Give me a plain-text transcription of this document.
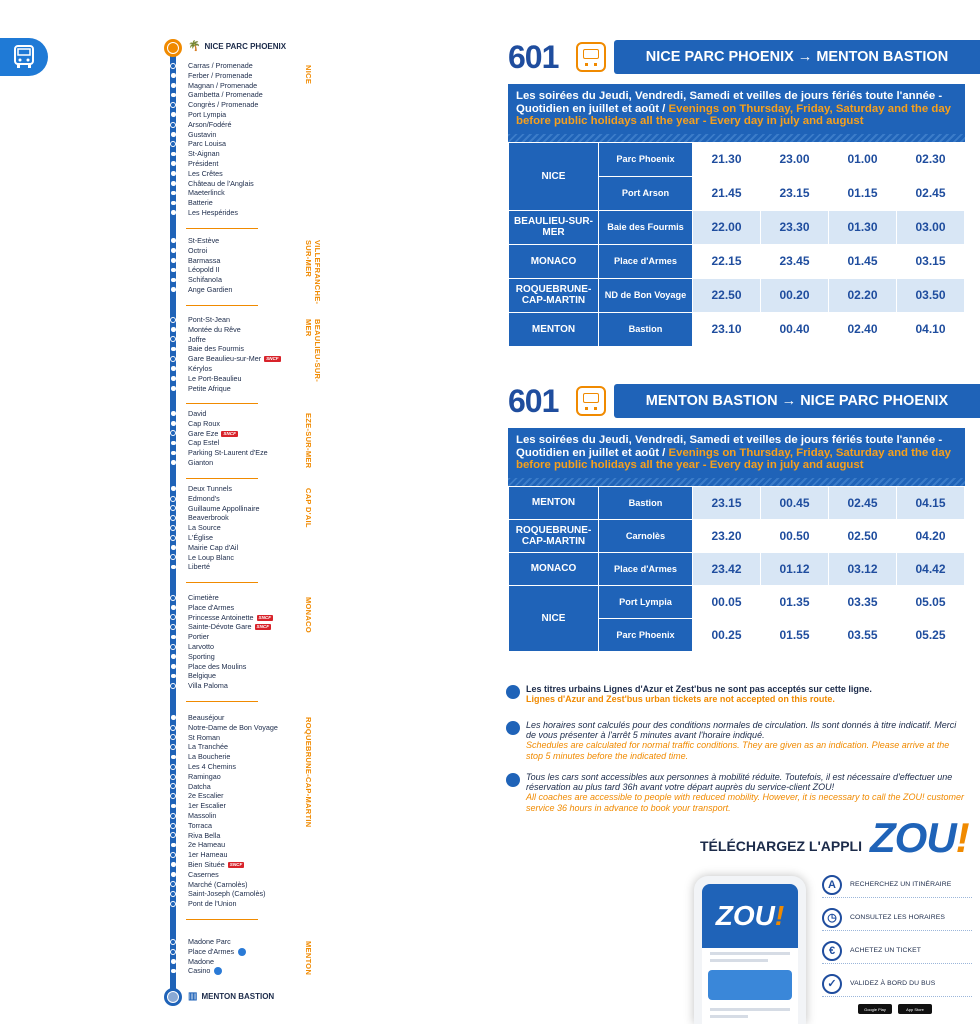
🌴 NICE PARC PHOENIX
Carras / Promenade
Ferber / Promenade
Magnan / Promenade
Gambetta / Promenade
Congrès / Promenade
Port Lympia
Arson/Fodéré
Gustavin
Parc Louisa
St-Aignan
Président
Les Crêtes
Château de l'Anglais
Maeterlinck
Batterie
Les Hespérides
NICE
St-Estève
Octroi
Barmassa
Léopold II
Schifanoïa
Ange Gardien	VILLEFRANCHE-SUR-MER
Pont-St-Jean
Montée du Rêve
Joffre
Baie des Fourmis
Gare Beaulieu-sur-Mer SNCF
Kérylos
Le Port-Beaulieu
Petite Afrique
BEAULIEU-SUR-MER
David
Cap Roux
Gare Eze SNCF
Cap Estel
Parking St-Laurent d'Eze
Gianton	EZE-SUR-MER
Deux Tunnels
Edmond's
Guillaume Appollinaire
Beaverbrook
La Source
L'Église
Mairie Cap d'Ail
Le Loup Blanc
Liberté
CAP D'AIL
Cimetière
Place d'Armes
Princesse Antoinette SNCF
Sainte-Dévote Gare SNCF
Portier
Larvotto
Sporting
Place des Moulins
Belgique
Villa Paloma
MONACO
Beauséjour
Notre-Dame de Bon Voyage
St Roman
La Tranchée
La Boucherie
Les 4 Chemins
Ramingao
Datcha
2e Escalier
1er Escalier
Massolin
Torraca
Riva Bella
2e Hameau
1er Hameau
Bien Située SNCF
Casernes
Marché (Carnolès)
Saint-Joseph (Carnolès)
Pont de l'Union
ROQUEBRUNE-CAP-MARTIN
Madone Parc
Place d'Armes
Madone
Casino	MENTON
▥ MENTON BASTION
601	NICE PARC PHOENIX → MENTON BASTION
Les soirées du Jeudi, Vendredi, Samedi et veilles de jours fériés toute l'année - Quotidien en juillet et août / Evenings on Thursday, Friday, Saturday and the day before public holidays all the year - Every day in july and august
NICE	Parc Phoenix	21.30	23.00	01.00	02.30
	Port Arson	21.45	23.15	01.15	02.45
BEAULIEU-SUR-MER	Baie des Fourmis	22.00	23.30	01.30	03.00
MONACO	Place d'Armes	22.15	23.45	01.45	03.15
ROQUEBRUNE-CAP-MARTIN	ND de Bon Voyage	22.50	00.20	02.20	03.50
MENTON	Bastion	23.10	00.40	02.40	04.10
601	MENTON BASTION → NICE PARC PHOENIX
Les soirées du Jeudi, Vendredi, Samedi et veilles de jours fériés toute l'année - Quotidien en juillet et août / Evenings on Thursday, Friday, Saturday and the day before public holidays all the year - Every day in july and august
MENTON	Bastion	23.15	00.45	02.45	04.15
ROQUEBRUNE-CAP-MARTIN	Carnolès	23.20	00.50	02.50	04.20
MONACO	Place d'Armes	23.42	01.12	03.12	04.42
NICE	Port Lympia	00.05	01.35	03.35	05.05
	Parc Phoenix	00.25	01.55	03.55	05.25
Les titres urbains Lignes d'Azur et Zest'bus ne sont pas acceptés sur cette ligne.
Lignes d'Azur and Zest'bus urban tickets are not accepted on this route.
Les horaires sont calculés pour des conditions normales de circulation. Ils sont donnés à titre indicatif. Merci de vous présenter à l'arrêt 5 minutes avant l'horaire indiqué.
Schedules are calculated for normal traffic conditions. They are given as an indication. Please arrive at the stop 5 minutes before the indicated time.
Tous les cars sont accessibles aux personnes à mobilité réduite. Toutefois, il est nécessaire d'effectuer une réservation au plus tard 36h avant votre départ auprès du service-client ZOU!
All coaches are accessible to people with reduced mobility. However, it is necessary to call the ZOU! customer service 36 hours in advance to book your transport.
TÉLÉCHARGEZ L'APPLI ZOU!
ZOU !
A	RECHERCHEZ UN ITINÉRAIRE
◷	CONSULTEZ LES HORAIRES
€	ACHETEZ UN TICKET
✓	VALIDEZ À BORD DU BUS
Google Play	App Store
